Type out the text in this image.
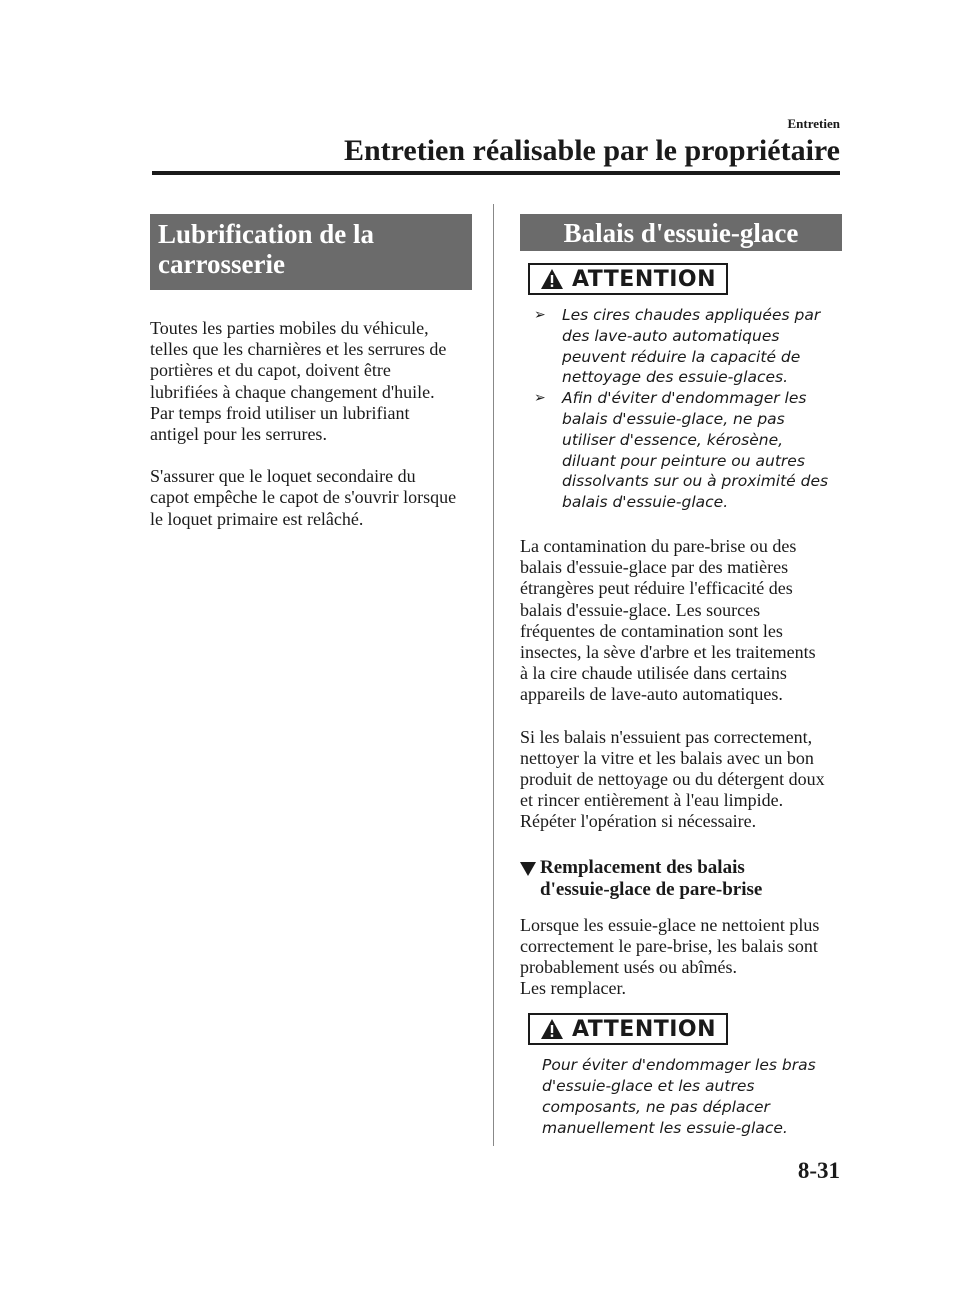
Entretien
Entretien réalisable par le propriétaire
Lubrification de la
carrosserie

Toutes les parties mobiles du véhicule,
telles que les charnières et les serrures de
portières et du capot, doivent être
lubrifiées à chaque changement d'huile.
Par temps froid utiliser un lubrifiant
antigel pour les serrures.

S'assurer que le loquet secondaire du
capot empêche le capot de s'ouvrir lorsque
le loquet primaire est relâché.

Balais d'essuie-glace
ATTENTION
➢ Les cires chaudes appliquées par
des lave-auto automatiques
peuvent réduire la capacité de
nettoyage des essuie-glaces.
➢ Afin d'éviter d'endommager les
balais d'essuie-glace, ne pas
utiliser d'essence, kérosène,
diluant pour peinture ou autres
dissolvants sur ou à proximité des
balais d'essuie-glace.

La contamination du pare-brise ou des
balais d'essuie-glace par des matières
étrangères peut réduire l'efficacité des
balais d'essuie-glace. Les sources
fréquentes de contamination sont les
insectes, la sève d'arbre et les traitements
à la cire chaude utilisée dans certains
appareils de lave-auto automatiques.

Si les balais n'essuient pas correctement,
nettoyer la vitre et les balais avec un bon
produit de nettoyage ou du détergent doux
et rincer entièrement à l'eau limpide.
Répéter l'opération si nécessaire.

Remplacement des balais
d'essuie-glace de pare-brise

Lorsque les essuie-glace ne nettoient plus
correctement le pare-brise, les balais sont
probablement usés ou abîmés.
Les remplacer.

ATTENTION

Pour éviter d'endommager les bras
d'essuie-glace et les autres
composants, ne pas déplacer
manuellement les essuie-glace.

8-31
